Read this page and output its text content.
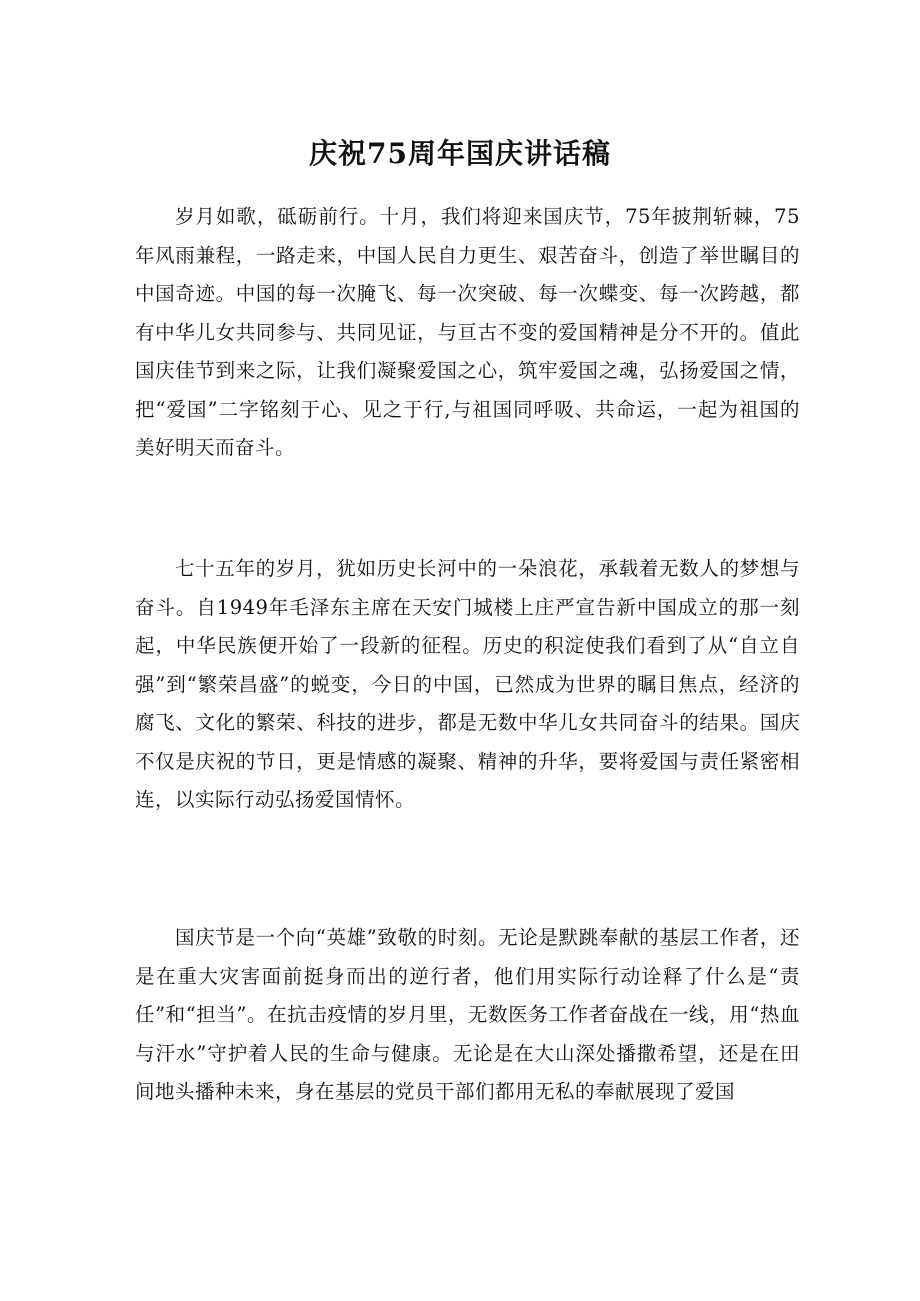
庆祝75周年国庆讲话稿

岁月如歌，砥砺前行。十月，我们将迎来国庆节，75年披荆斩棘，75年风雨兼程，一路走来，中国人民自力更生、艰苦奋斗，创造了举世瞩目的中国奇迹。中国的每一次腌飞、每一次突破、每一次蝶变、每一次跨越，都有中华儿女共同参与、共同见证，与亘古不变的爱国精神是分不开的。值此国庆佳节到来之际，让我们凝聚爱国之心，筑牢爱国之魂，弘扬爱国之情，把“爱国”二字铭刻于心、见之于行,与祖国同呼吸、共命运，一起为祖国的美好明天而奋斗。

七十五年的岁月，犹如历史长河中的一朵浪花，承载着无数人的梦想与奋斗。自1949年毛泽东主席在天安门城楼上庄严宣告新中国成立的那一刻起，中华民族便开始了一段新的征程。历史的积淀使我们看到了从“自立自强”到“繁荣昌盛”的蜕变，今日的中国，已然成为世界的瞩目焦点，经济的腐飞、文化的繁荣、科技的进步，都是无数中华儿女共同奋斗的结果。国庆不仅是庆祝的节日，更是情感的凝聚、精神的升华，要将爱国与责任紧密相连，以实际行动弘扬爱国情怀。

国庆节是一个向“英雄”致敬的时刻。无论是默跳奉献的基层工作者，还是在重大灾害面前挺身而出的逆行者，他们用实际行动诠释了什么是“责任”和“担当”。在抗击疫情的岁月里，无数医务工作者奋战在一线，用“热血与汗水”守护着人民的生命与健康。无论是在大山深处播撒希望，还是在田间地头播种未来，身在基层的党员干部们都用无私的奉献展现了爱国
